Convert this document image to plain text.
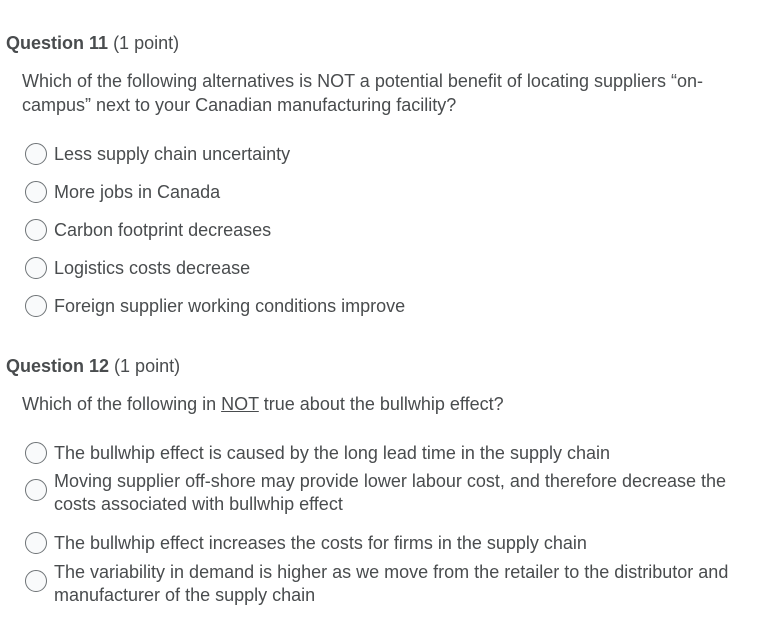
Question 11 (1 point)
Which of the following alternatives is NOT a potential benefit of locating suppliers “on-campus” next to your Canadian manufacturing facility?
Less supply chain uncertainty
More jobs in Canada
Carbon footprint decreases
Logistics costs decrease
Foreign supplier working conditions improve
Question 12 (1 point)
Which of the following in NOT true about the bullwhip effect?
The bullwhip effect is caused by the long lead time in the supply chain
Moving supplier off-shore may provide lower labour cost, and therefore decrease the costs associated with bullwhip effect
The bullwhip effect increases the costs for firms in the supply chain
The variability in demand is higher as we move from the retailer to the distributor and manufacturer of the supply chain
